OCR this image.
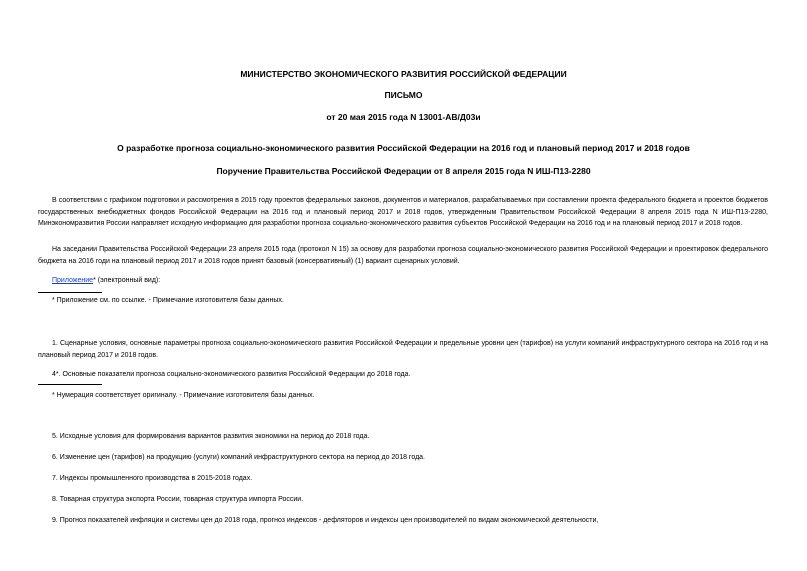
МИНИСТЕРСТВО ЭКОНОМИЧЕСКОГО РАЗВИТИЯ РОССИЙСКОЙ ФЕДЕРАЦИИ
ПИСЬМО
от 20 мая 2015 года N 13001-АВ/Д03и
О разработке прогноза социально-экономического развития Российской Федерации на 2016 год и плановый период 2017 и 2018 годов
Поручение Правительства Российской Федерации от 8 апреля 2015 года N ИШ-П13-2280
В соответствии с графиком подготовки и рассмотрения в 2015 году проектов федеральных законов, документов и материалов, разрабатываемых при составлении проекта федерального бюджета и проектов бюджетов государственных внебюджетных фондов Российской Федерации на 2016 год и плановый период 2017 и 2018 годов, утвержденным Правительством Российской Федерации 8 апреля 2015 года N ИШ-П13-2280, Минэкономразвития России направляет исходную информацию для разработки прогноза социально-экономического развития субъектов Российской Федерации на 2016 год и на плановый период 2017 и 2018 годов.
На заседании Правительства Российской Федерации 23 апреля 2015 года (протокол N 15) за основу для разработки прогноза социально-экономического развития Российской Федерации и проектировок федерального бюджета на 2016 годи на плановый период 2017 и 2018 годов принят базовый (консервативный) (1) вариант сценарных условий.
Приложение* (электронный вид):
* Приложение см. по ссылке. - Примечание изготовителя базы данных.
1. Сценарные условия, основные параметры прогноза социально-экономического развития Российской Федерации и предельные уровни цен (тарифов) на услуги компаний инфраструктурного сектора на 2016 год и на плановый период 2017 и 2018 годов.
4*. Основные показатели прогноза социально-экономического развития Российской Федерации до 2018 года.
* Нумерация соответствует оригиналу. - Примечание изготовителя базы данных.
5. Исходные условия для формирования вариантов развития экономики на период до 2018 года.
6. Изменение цен (тарифов) на продукцию (услуги) компаний инфраструктурного сектора на период до 2018 года.
7. Индексы промышленного производства в 2015-2018 годах.
8. Товарная структура экспорта России, товарная структура импорта России.
9. Прогноз показателей инфляции и системы цен до 2018 года, прогноз индексов - дефляторов и индексы цен производителей по видам экономической деятельности,
